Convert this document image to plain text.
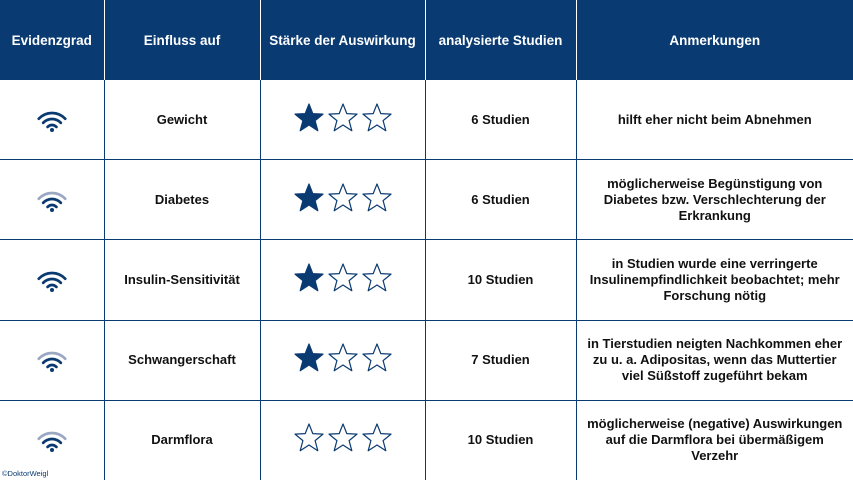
Evidenzgrad	Einfluss auf	Stärke der Auswirkung	analysierte Studien	Anmerkungen

	Gewicht		6 Studien	hilft eher nicht beim Abnehmen

	Diabetes		6 Studien	möglicherweise Begünstigung von Diabetes bzw. Verschlechterung der Erkrankung

	Insulin-Sensitivität		10 Studien	in Studien wurde eine verringerte Insulinempfindlichkeit beobachtet; mehr Forschung nötig

	Schwangerschaft		7 Studien	in Tierstudien neigten Nachkommen eher zu u. a. Adipositas, wenn das Muttertier viel Süßstoff zugeführt bekam

	Darmflora		10 Studien	möglicherweise (negative) Auswirkungen auf die Darmflora bei übermäßigem Verzehr
©DoktorWeigl
